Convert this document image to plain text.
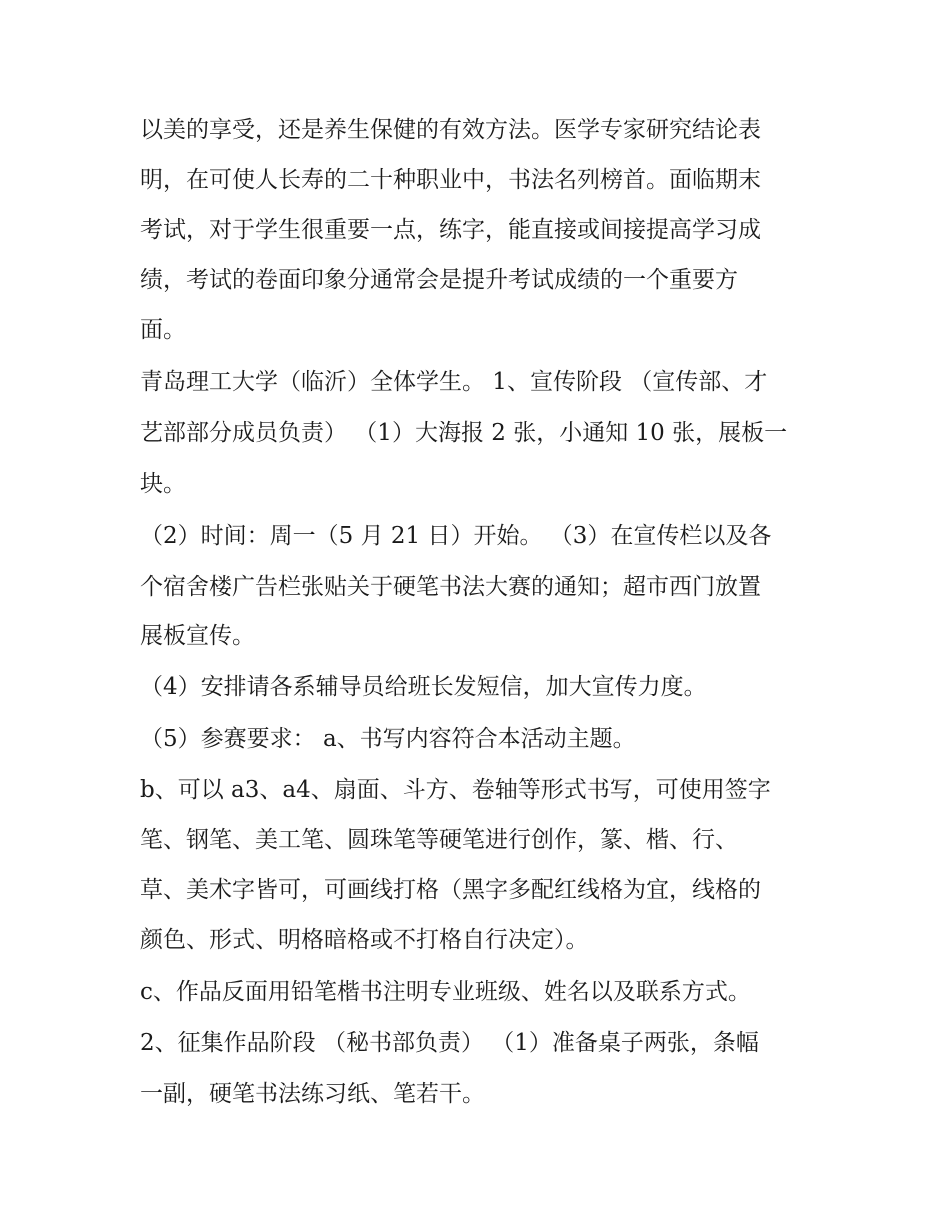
以美的享受，还是养生保健的有效方法。医学专家研究结论表

明，在可使人长寿的二十种职业中，书法名列榜首。面临期末

考试，对于学生很重要一点，练字，能直接或间接提高学习成

绩，考试的卷面印象分通常会是提升考试成绩的一个重要方

面。

青岛理工大学（临沂）全体学生。 1、宣传阶段 （宣传部、才

艺部部分成员负责） （1）大海报 2 张，小通知 10 张，展板一

块。

（2）时间：周一（5 月 21 日）开始。 （3）在宣传栏以及各

个宿舍楼广告栏张贴关于硬笔书法大赛的通知；超市西门放置

展板宣传。

（4）安排请各系辅导员给班长发短信，加大宣传力度。

（5）参赛要求： a、书写内容符合本活动主题。

b、可以 a3、a4、扇面、斗方、卷轴等形式书写，可使用签字

笔、钢笔、美工笔、圆珠笔等硬笔进行创作，篆、楷、行、

草、美术字皆可，可画线打格（黑字多配红线格为宜，线格的

颜色、形式、明格暗格或不打格自行决定）。

c、作品反面用铅笔楷书注明专业班级、姓名以及联系方式。

2、征集作品阶段 （秘书部负责） （1）准备桌子两张，条幅

一副，硬笔书法练习纸、笔若干。
